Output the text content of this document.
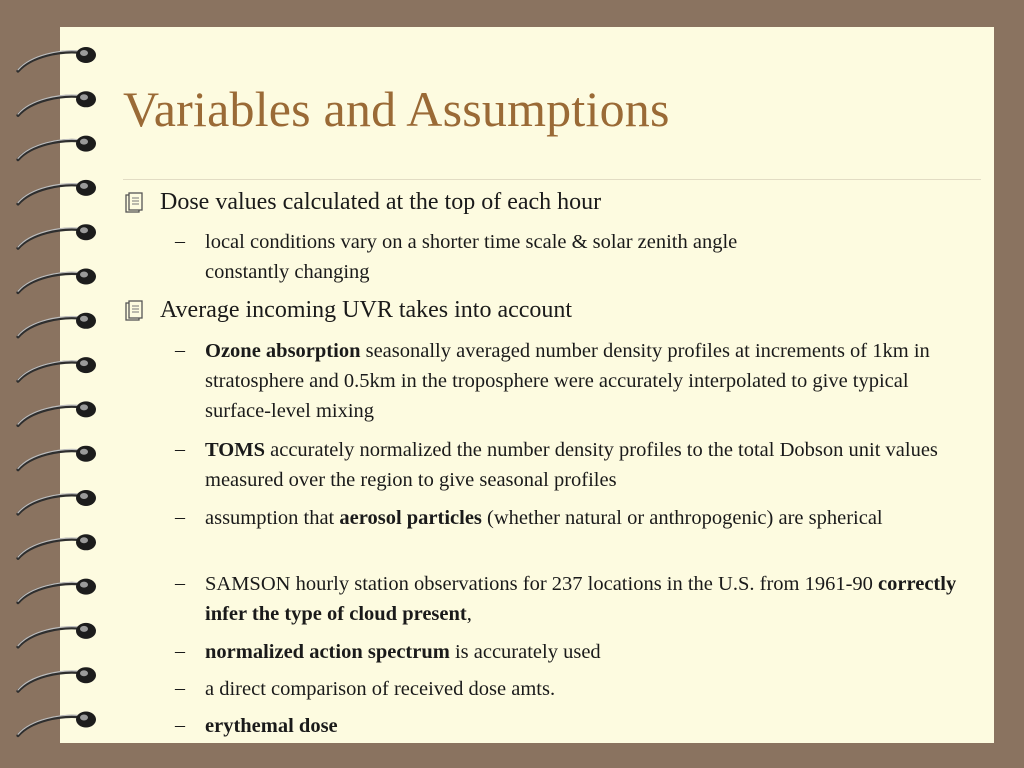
Variables and Assumptions
Dose values calculated at the top of each hour
– local conditions vary on a shorter time scale & solar zenith angle
constantly changing
Average incoming UVR takes into account
– Ozone absorption seasonally averaged number density profiles at increments of 1km in stratosphere and 0.5km in the troposphere were accurately interpolated to give typical surface-level mixing
– TOMS accurately normalized the number density profiles to the total Dobson unit values measured over the region to give seasonal profiles
– assumption that aerosol particles (whether natural or anthropogenic) are spherical
– SAMSON hourly station observations for 237 locations in the U.S. from 1961-90 correctly infer the type of cloud present,
– normalized action spectrum is accurately used
– a direct comparison of received dose amts.
– erythemal dose
